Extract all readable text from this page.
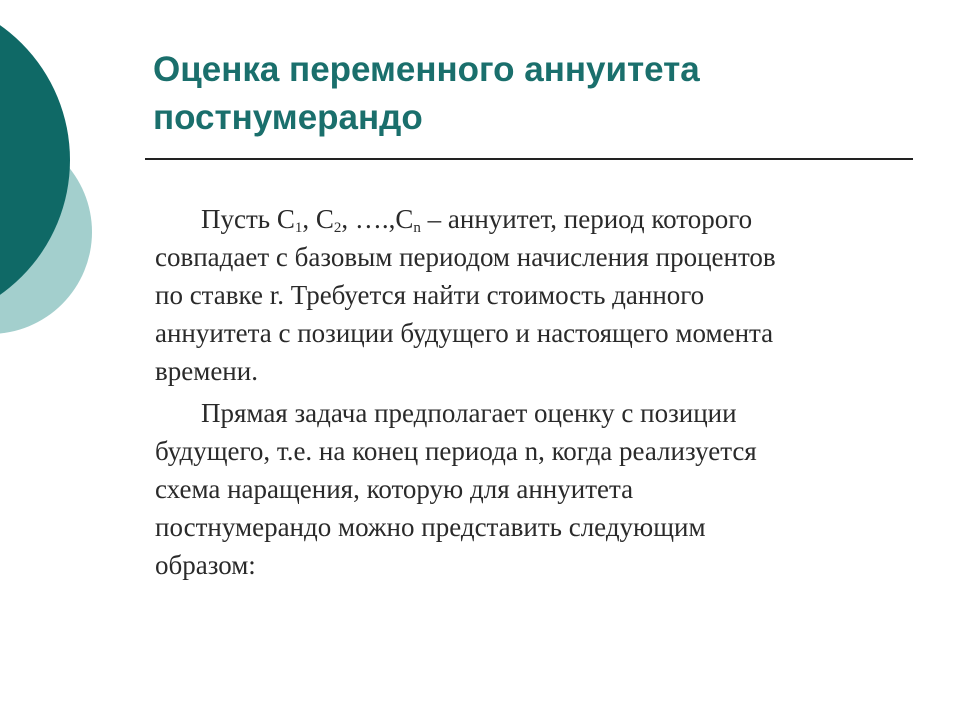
Оценка переменного аннуитета
постнумерандо
Пусть $C_1$, $C_2$, $\dots.,C_n$ – аннуитет, период которого
совпадает с базовым периодом начисления процентов
по ставке r. Требуется найти стоимость данного
аннуитета с позиции будущего и настоящего момента
времени.
Прямая задача предполагает оценку с позиции
будущего, т.е. на конец периода n, когда реализуется
схема наращения, которую для аннуитета
постнумерандо можно представить следующим
образом:
